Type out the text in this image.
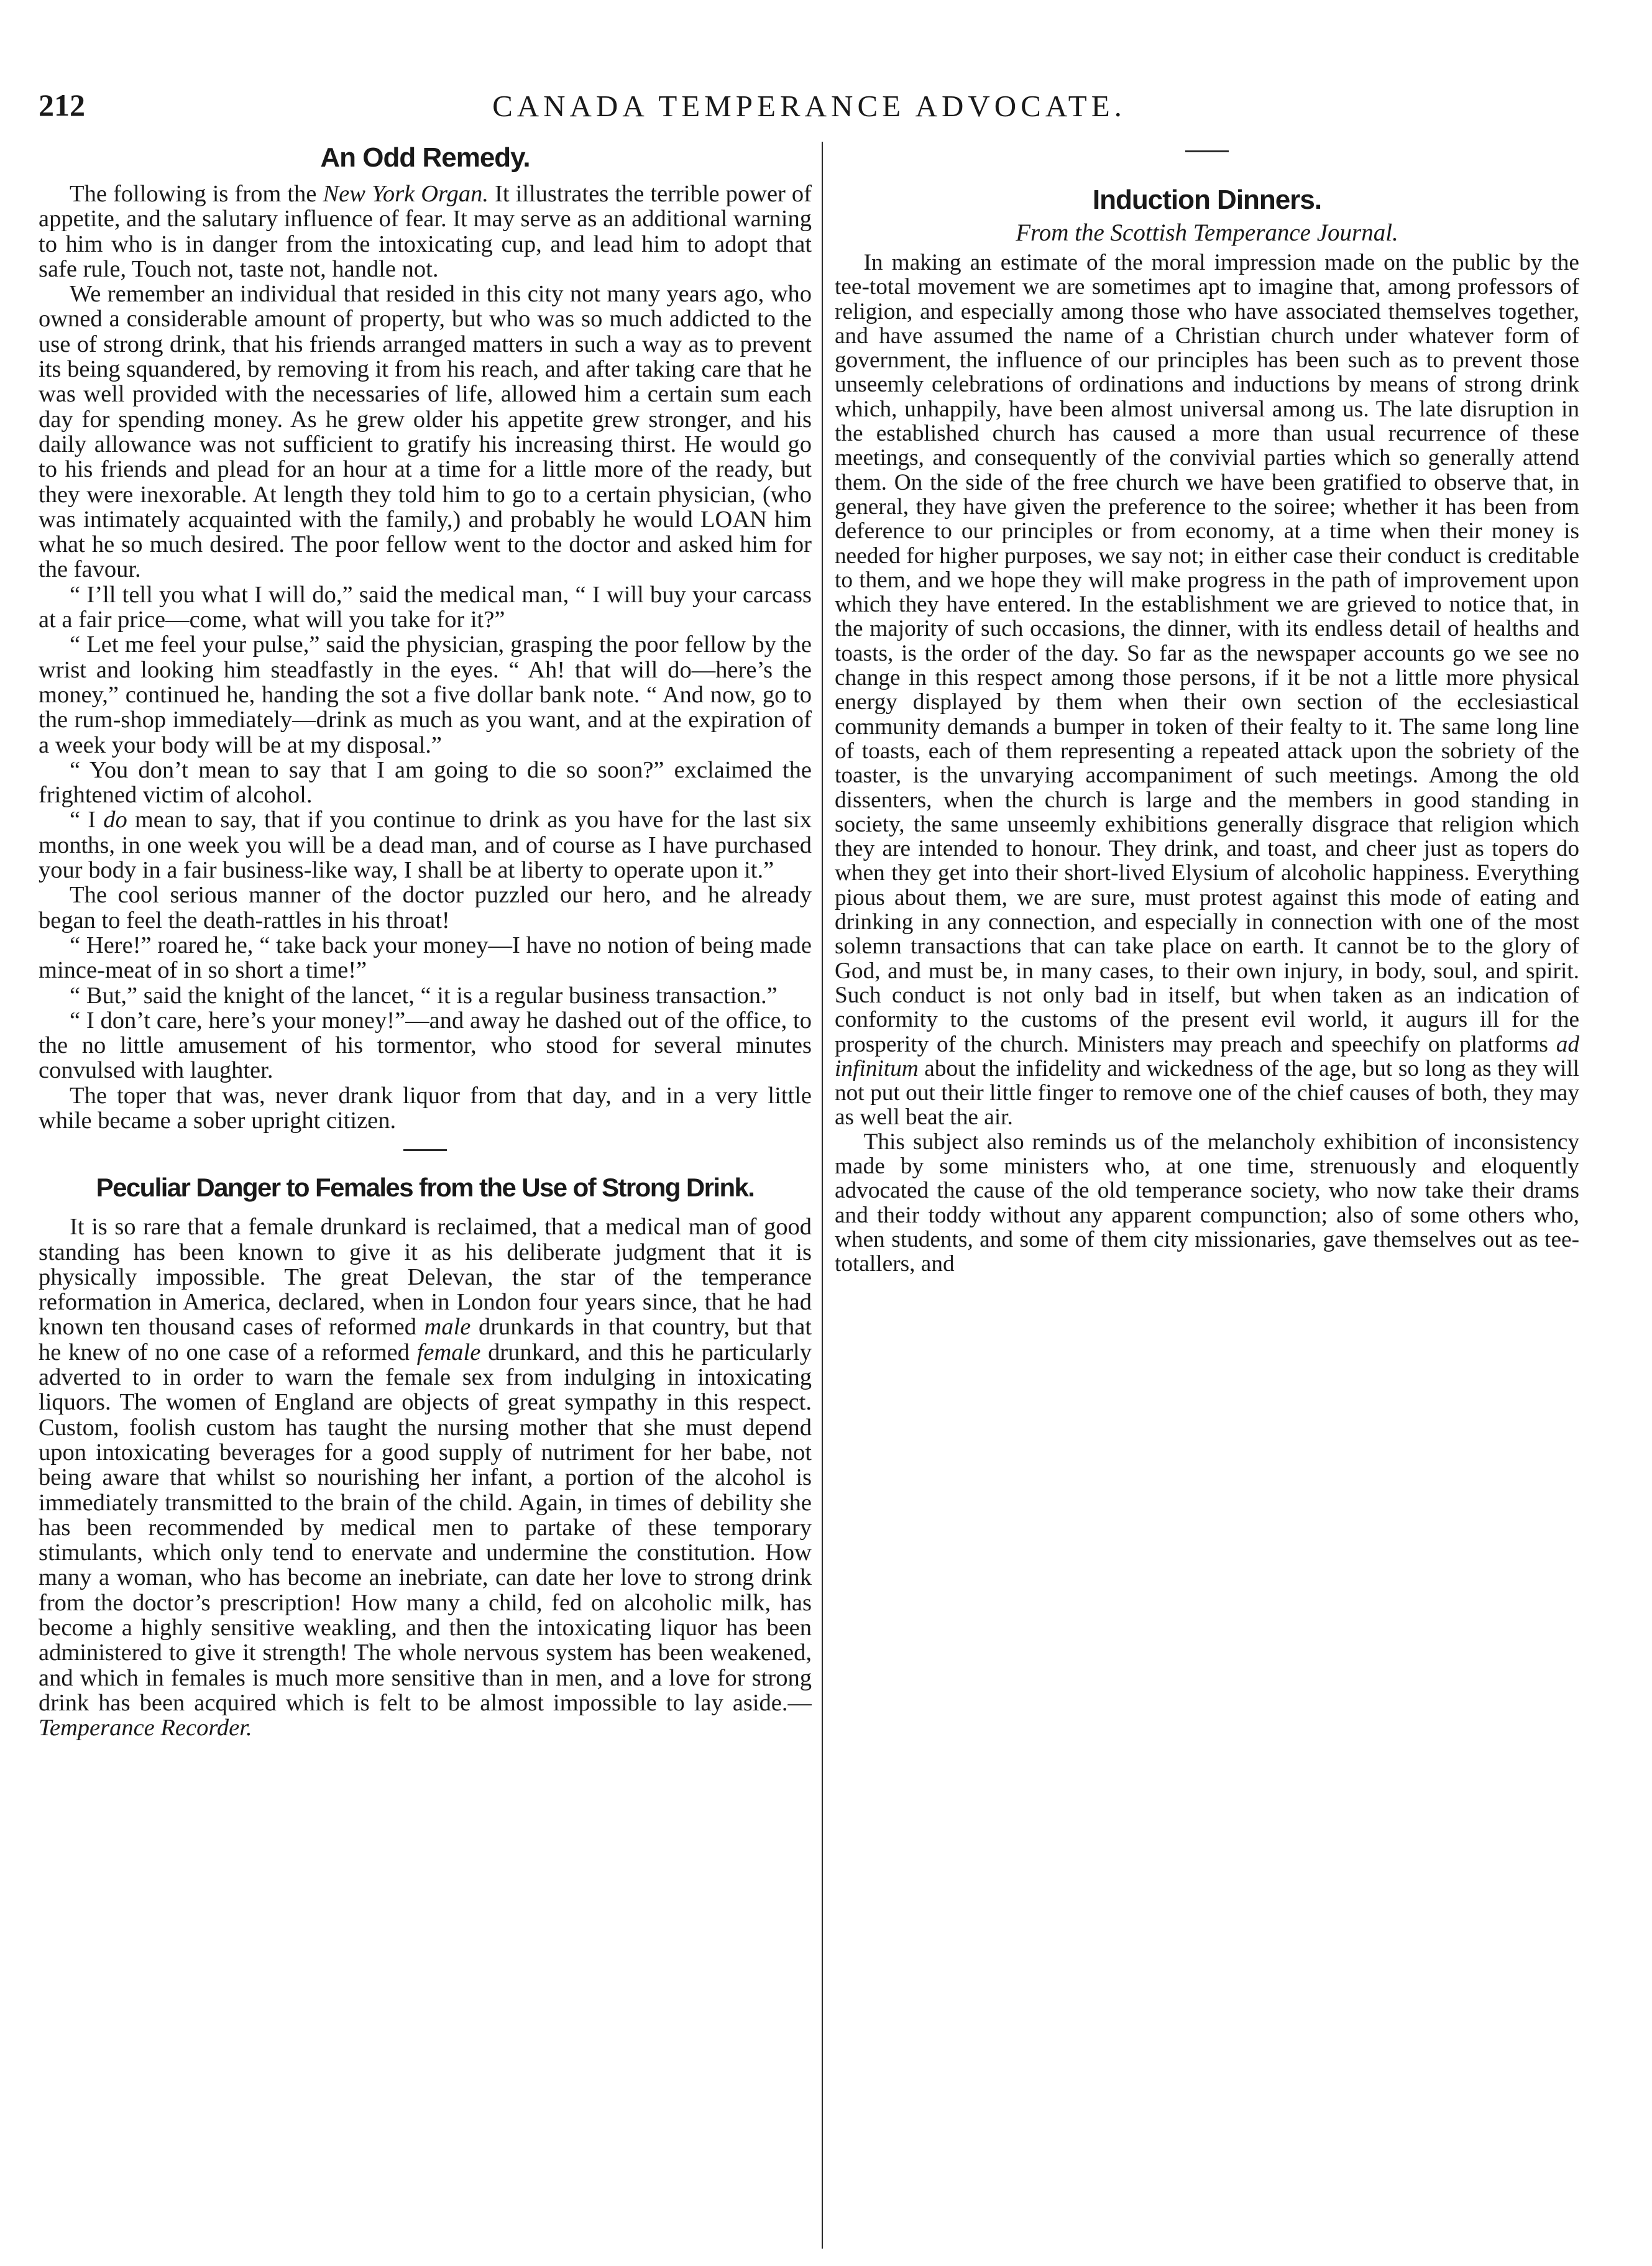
212	CANADA TEMPERANCE ADVOCATE.
An Odd Remedy.

The following is from the New York Organ. It illustrates the terrible power of appetite, and the salutary influence of fear. It may serve as an additional warning to him who is in danger from the intoxicating cup, and lead him to adopt that safe rule, Touch not, taste not, handle not.

We remember an individual that resided in this city not many years ago, who owned a considerable amount of property, but who was so much addicted to the use of strong drink, that his friends arranged matters in such a way as to prevent its being squandered, by removing it from his reach, and after taking care that he was well provided with the necessaries of life, allowed him a certain sum each day for spending money. As he grew older his appetite grew stronger, and his daily allowance was not sufficient to gratify his increasing thirst. He would go to his friends and plead for an hour at a time for a little more of the ready, but they were inexorable. At length they told him to go to a certain physician, (who was intimately acquainted with the family,) and probably he would LOAN him what he so much desired. The poor fellow went to the doctor and asked him for the favour.

“ I’ll tell you what I will do,” said the medical man, “ I will buy your carcass at a fair price—come, what will you take for it?”

“ Let me feel your pulse,” said the physician, grasping the poor fellow by the wrist and looking him steadfastly in the eyes. “ Ah! that will do—here’s the money,” continued he, handing the sot a five dollar bank note. “ And now, go to the rum-shop immediately—drink as much as you want, and at the expiration of a week your body will be at my disposal.”

“ You don’t mean to say that I am going to die so soon?” exclaimed the frightened victim of alcohol.

“ I do mean to say, that if you continue to drink as you have for the last six months, in one week you will be a dead man, and of course as I have purchased your body in a fair business-like way, I shall be at liberty to operate upon it.”

The cool serious manner of the doctor puzzled our hero, and he already began to feel the death-rattles in his throat!

“ Here!” roared he, “ take back your money—I have no notion of being made mince-meat of in so short a time!”

“ But,” said the knight of the lancet, “ it is a regular business transaction.”

“ I don’t care, here’s your money!”—and away he dashed out of the office, to the no little amusement of his tormentor, who stood for several minutes convulsed with laughter.

The toper that was, never drank liquor from that day, and in a very little while became a sober upright citizen.

Peculiar Danger to Females from the Use of Strong Drink.

It is so rare that a female drunkard is reclaimed, that a medical man of good standing has been known to give it as his deliberate judgment that it is physically impossible. The great Delevan, the star of the temperance reformation in America, declared, when in London four years since, that he had known ten thousand cases of reformed male drunkards in that country, but that he knew of no one case of a reformed female drunkard, and this he particularly adverted to in order to warn the female sex from indulging in intoxicating liquors. The women of England are objects of great sympathy in this respect. Custom, foolish custom has taught the nursing mother that she must depend upon intoxicating beverages for a good supply of nutriment for her babe, not being aware that whilst so nourishing her infant, a portion of the alcohol is immediately transmitted to the brain of the child. Again, in times of debility she has been recommended by medical men to partake of these temporary stimulants, which only tend to enervate and undermine the constitution. How many a woman, who has become an inebriate, can date her love to strong drink from the doctor’s prescription! How many a child, fed on alcoholic milk, has become a highly sensitive weakling, and then the intoxicating liquor has been administered to give it strength! The whole nervous system has been weakened, and which in females is much more sensitive than in men, and a love for strong drink has been acquired which is felt to be almost impossible to lay aside.—Temperance Recorder.

Induction Dinners.
From the Scottish Temperance Journal.

In making an estimate of the moral impression made on the public by the tee-total movement we are sometimes apt to imagine that, among professors of religion, and especially among those who have associated themselves together, and have assumed the name of a Christian church under whatever form of government, the influence of our principles has been such as to prevent those unseemly celebrations of ordinations and inductions by means of strong drink which, unhappily, have been almost universal among us. The late disruption in the established church has caused a more than usual recurrence of these meetings, and consequently of the convivial parties which so generally attend them. On the side of the free church we have been gratified to observe that, in general, they have given the preference to the soiree; whether it has been from deference to our principles or from economy, at a time when their money is needed for higher purposes, we say not; in either case their conduct is creditable to them, and we hope they will make progress in the path of improvement upon which they have entered. In the establishment we are grieved to notice that, in the majority of such occasions, the dinner, with its endless detail of healths and toasts, is the order of the day. So far as the newspaper accounts go we see no change in this respect among those persons, if it be not a little more physical energy displayed by them when their own section of the ecclesiastical community demands a bumper in token of their fealty to it. The same long line of toasts, each of them representing a repeated attack upon the sobriety of the toaster, is the unvarying accompaniment of such meetings. Among the old dissenters, when the church is large and the members in good standing in society, the same unseemly exhibitions generally disgrace that religion which they are intended to honour. They drink, and toast, and cheer just as topers do when they get into their short-lived Elysium of alcoholic happiness. Everything pious about them, we are sure, must protest against this mode of eating and drinking in any connection, and especially in connection with one of the most solemn transactions that can take place on earth. It cannot be to the glory of God, and must be, in many cases, to their own injury, in body, soul, and spirit. Such conduct is not only bad in itself, but when taken as an indication of conformity to the customs of the present evil world, it augurs ill for the prosperity of the church. Ministers may preach and speechify on platforms ad infinitum about the infidelity and wickedness of the age, but so long as they will not put out their little finger to remove one of the chief causes of both, they may as well beat the air.

This subject also reminds us of the melancholy exhibition of inconsistency made by some ministers who, at one time, strenuously and eloquently advocated the cause of the old temperance society, who now take their drams and their toddy without any apparent compunction; also of some others who, when students, and some of them city missionaries, gave themselves out as tee-totallers, and
